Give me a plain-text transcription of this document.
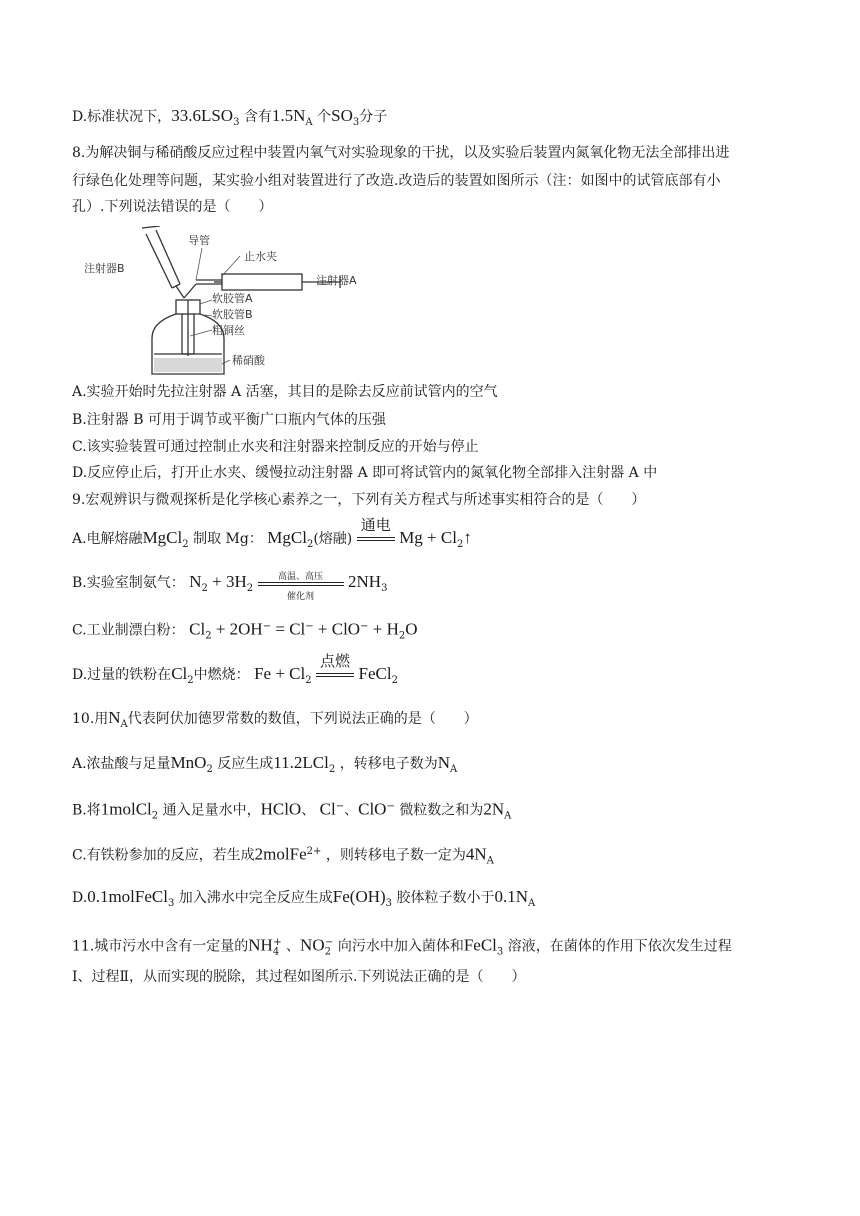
D.标准状况下，$33.6LSO_3$ 含有$1.5N_A$ 个$SO_3$分子
8.为解决铜与稀硝酸反应过程中装置内氧气对实验现象的干扰，以及实验后装置内氮氧化物无法全部排出进
行绿色化处理等问题，某实验小组对装置进行了改造.改造后的装置如图所示（注：如图中的试管底部有小
孔）.下列说法错误的是（　　）
注射器B
导管
止水夹
注射器A
软胶管A
软胶管B
粗铜丝
稀硝酸
A.实验开始时先拉注射器 A 活塞，其目的是除去反应前试管内的空气
B.注射器 B 可用于调节或平衡广口瓶内气体的压强
C.该实验装置可通过控制止水夹和注射器来控制反应的开始与停止
D.反应停止后，打开止水夹、缓慢拉动注射器 A 即可将试管内的氮氧化物全部排入注射器 A 中
9.宏观辨识与微观探析是化学核心素养之一，下列有关方程式与所述事实相符合的是（　　）
A.电解熔融MgCl$_2$ 制取 Mg： MgCl$_2$(熔融)
通电
$Mg + Cl_2↑$
B.实验室制氨气： $N_2 + 3H_2$
高温、高压
催化剂
$2NH_3$
C.工业制漂白粉： $Cl_2 + 2OH^- = Cl^- + ClO^- + H_2O$
D.过量的铁粉在$Cl_2$中燃烧： $Fe + Cl_2$
点燃
FeCl$_2$
10.用$N_A$代表阿伏加德罗常数的数值，下列说法正确的是（　　）
A.浓盐酸与足量MnO$_2$ 反应生成11.2LCl$_2$ ，转移电子数为$N_A$
B.将1molCl$_2$ 通入足量水中，HClO、 Cl−、ClO− 微粒数之和为$2N_A$
C.有铁粉参加的反应，若生成2molFe$^{2+}$ ，则转移电子数一定为$4N_A$
D.0.1molFeCl$_3$ 加入沸水中完全反应生成$Fe(OH)_3$ 胶体粒子数小于$0.1N_A$
11.城市污水中含有一定量的$NH_4^+$ 、$NO_2^-$ 向污水中加入菌体和FeCl$_3$ 溶液，在菌体的作用下依次发生过程
Ⅰ、过程Ⅱ，从而实现的脱除，其过程如图所示.下列说法正确的是（　　）
